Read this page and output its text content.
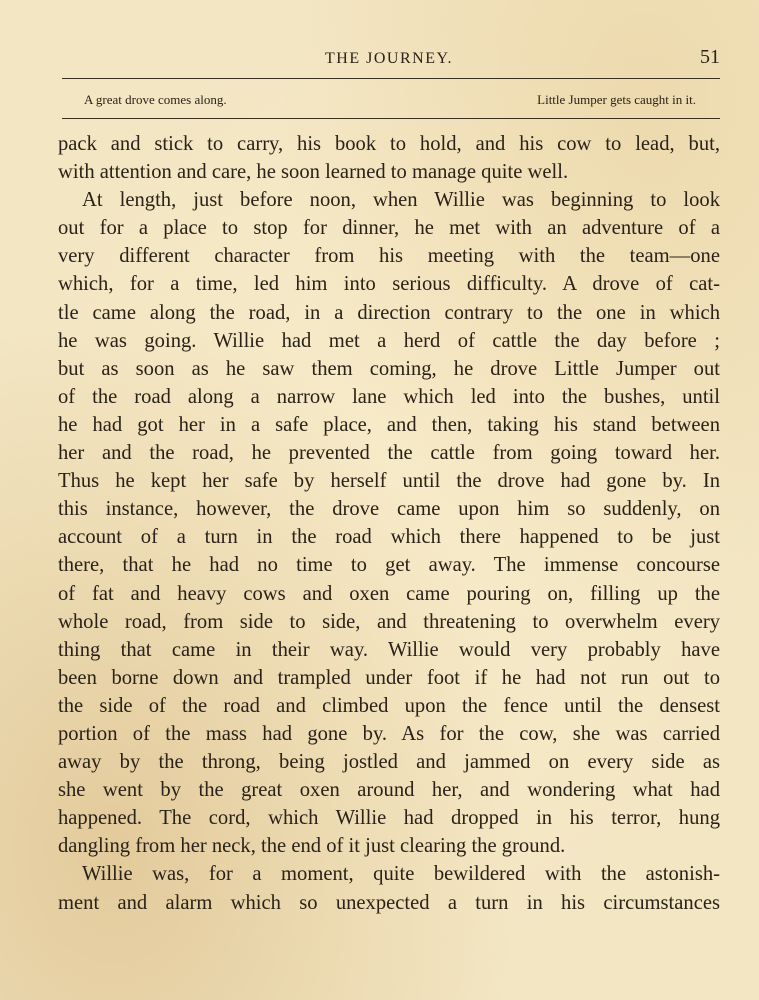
THE JOURNEY.	51
A great drove comes along.	Little Jumper gets caught in it.

pack and stick to carry, his book to hold, and his cow to lead, but,
with attention and care, he soon learned to manage quite well.

At length, just before noon, when Willie was beginning to look
out for a place to stop for dinner, he met with an adventure of a
very different character from his meeting with the team—one
which, for a time, led him into serious difficulty. A drove of cat-
tle came along the road, in a direction contrary to the one in which
he was going. Willie had met a herd of cattle the day before ;
but as soon as he saw them coming, he drove Little Jumper out
of the road along a narrow lane which led into the bushes, until
he had got her in a safe place, and then, taking his stand between
her and the road, he prevented the cattle from going toward her.
Thus he kept her safe by herself until the drove had gone by. In
this instance, however, the drove came upon him so suddenly, on
account of a turn in the road which there happened to be just
there, that he had no time to get away. The immense concourse
of fat and heavy cows and oxen came pouring on, filling up the
whole road, from side to side, and threatening to overwhelm every
thing that came in their way. Willie would very probably have
been borne down and trampled under foot if he had not run out to
the side of the road and climbed upon the fence until the densest
portion of the mass had gone by. As for the cow, she was carried
away by the throng, being jostled and jammed on every side as
she went by the great oxen around her, and wondering what had
happened. The cord, which Willie had dropped in his terror, hung
dangling from her neck, the end of it just clearing the ground.

Willie was, for a moment, quite bewildered with the astonish-
ment and alarm which so unexpected a turn in his circumstances
